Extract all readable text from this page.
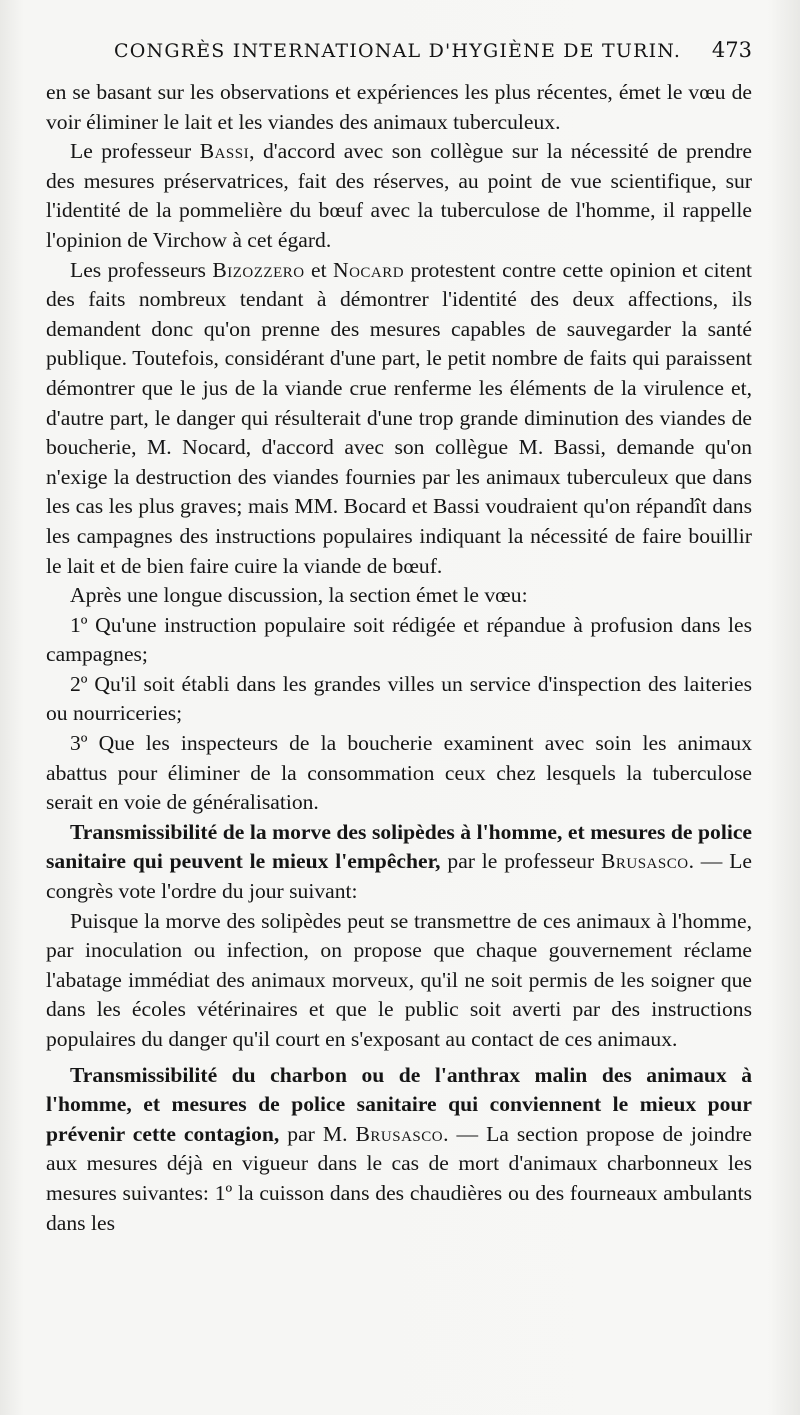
CONGRÈS INTERNATIONAL D'HYGIÈNE DE TURIN. 473

en se basant sur les observations et expériences les plus récentes, émet le vœu de voir éliminer le lait et les viandes des animaux tuberculeux.

Le professeur Bassi, d'accord avec son collègue sur la nécessité de prendre des mesures préservatrices, fait des réserves, au point de vue scientifique, sur l'identité de la pommelière du bœuf avec la tuberculose de l'homme, il rappelle l'opinion de Virchow à cet égard.

Les professeurs Bizozzero et Nocard protestent contre cette opinion et citent des faits nombreux tendant à démontrer l'identité des deux affections, ils demandent donc qu'on prenne des mesures capables de sauvegarder la santé publique. Toutefois, considérant d'une part, le petit nombre de faits qui paraissent démontrer que le jus de la viande crue renferme les éléments de la virulence et, d'autre part, le danger qui résulterait d'une trop grande diminution des viandes de boucherie, M. Nocard, d'accord avec son collègue M. Bassi, demande qu'on n'exige la destruction des viandes fournies par les animaux tuberculeux que dans les cas les plus graves; mais MM. Bocard et Bassi voudraient qu'on répandît dans les campagnes des instructions populaires indiquant la nécessité de faire bouillir le lait et de bien faire cuire la viande de bœuf.

Après une longue discussion, la section émet le vœu:

1º Qu'une instruction populaire soit rédigée et répandue à profusion dans les campagnes;

2º Qu'il soit établi dans les grandes villes un service d'inspection des laiteries ou nourriceries;

3º Que les inspecteurs de la boucherie examinent avec soin les animaux abattus pour éliminer de la consommation ceux chez lesquels la tuberculose serait en voie de généralisation.

Transmissibilité de la morve des solipèdes à l'homme, et mesures de police sanitaire qui peuvent le mieux l'empêcher, par le professeur Brusasco. — Le congrès vote l'ordre du jour suivant:

Puisque la morve des solipèdes peut se transmettre de ces animaux à l'homme, par inoculation ou infection, on propose que chaque gouvernement réclame l'abatage immédiat des animaux morveux, qu'il ne soit permis de les soigner que dans les écoles vétérinaires et que le public soit averti par des instructions populaires du danger qu'il court en s'exposant au contact de ces animaux.

Transmissibilité du charbon ou de l'anthrax malin des animaux à l'homme, et mesures de police sanitaire qui conviennent le mieux pour prévenir cette contagion, par M. Brusasco. — La section propose de joindre aux mesures déjà en vigueur dans le cas de mort d'animaux charbonneux les mesures suivantes: 1º la cuisson dans des chaudières ou des fourneaux ambulants dans les
